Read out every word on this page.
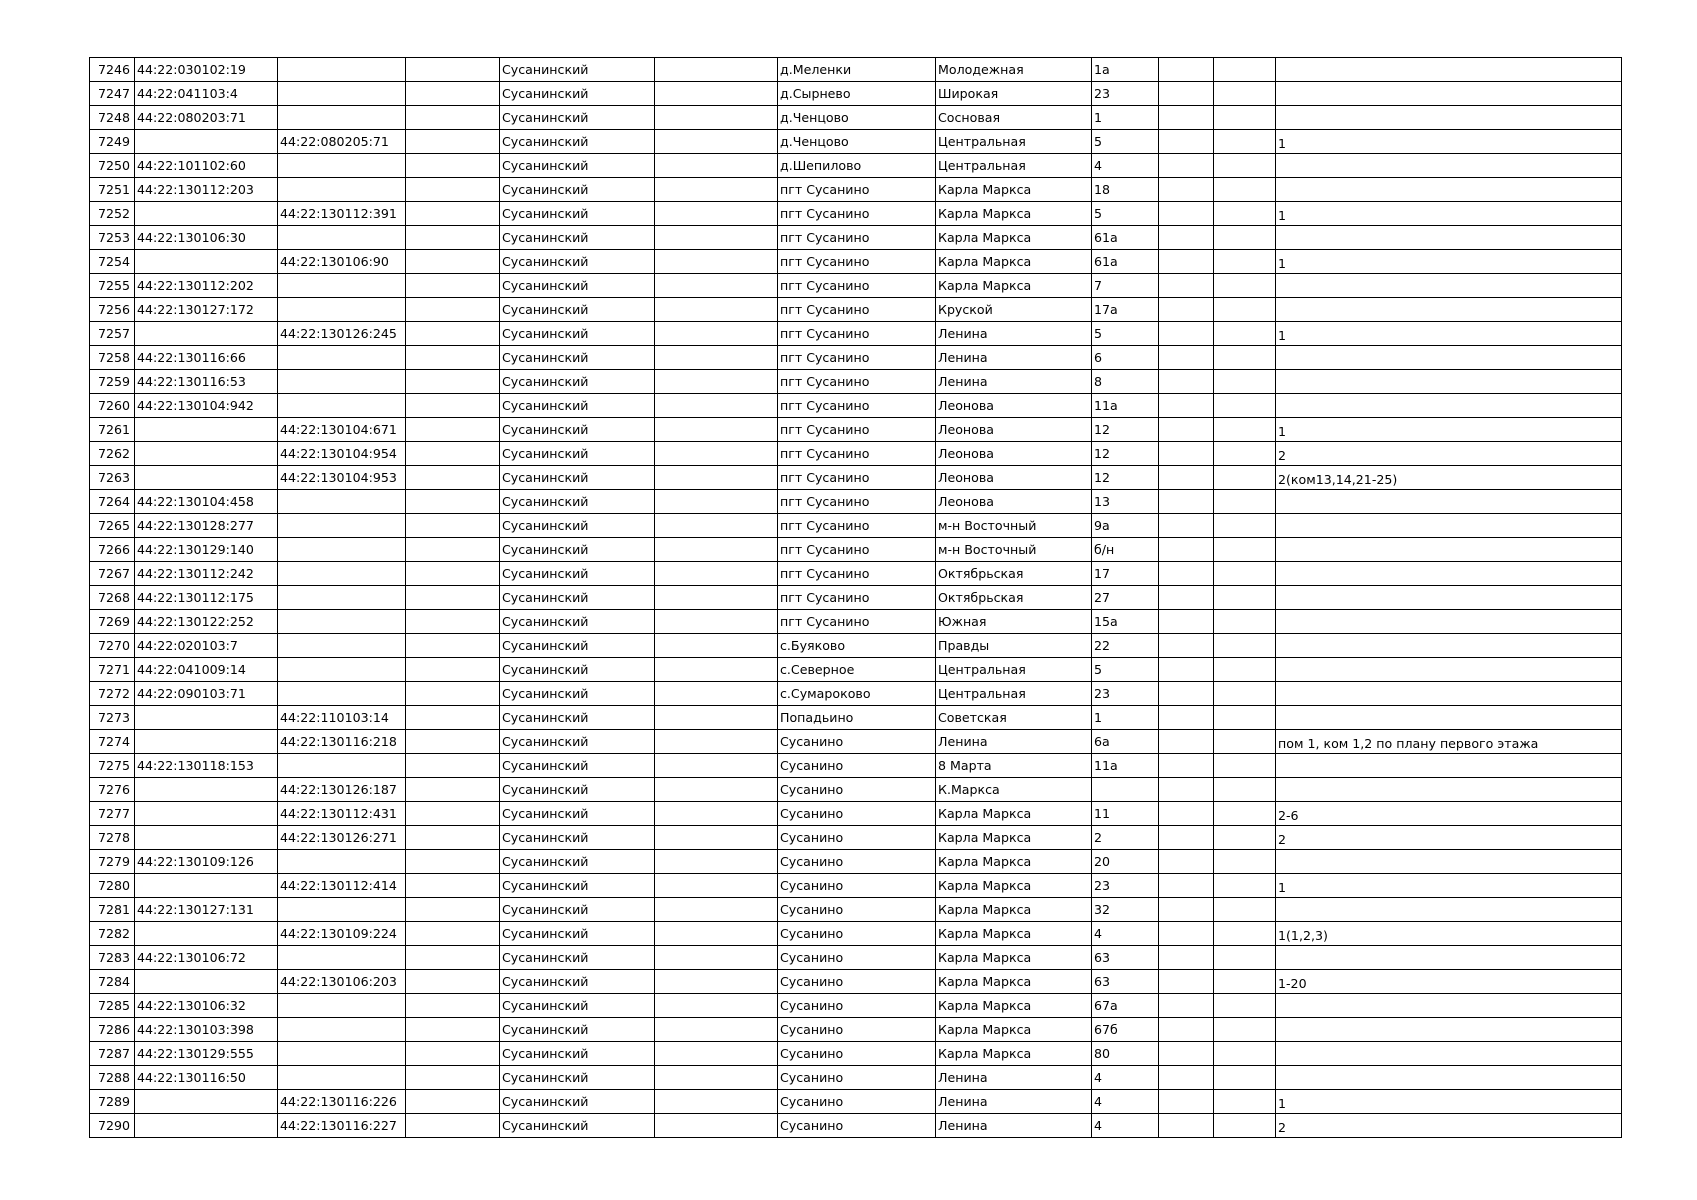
7246	44:22:030102:19			Сусанинский		д.Меленки	Молодежная	1а			
7247	44:22:041103:4			Сусанинский		д.Сырнево	Широкая	23			
7248	44:22:080203:71			Сусанинский		д.Ченцово	Сосновая	1			
7249		44:22:080205:71		Сусанинский		д.Ченцово	Центральная	5			1
7250	44:22:101102:60			Сусанинский		д.Шепилово	Центральная	4			
7251	44:22:130112:203			Сусанинский		пгт Сусанино	Карла Маркса	18			
7252		44:22:130112:391		Сусанинский		пгт Сусанино	Карла Маркса	5			1
7253	44:22:130106:30			Сусанинский		пгт Сусанино	Карла Маркса	61а			
7254		44:22:130106:90		Сусанинский		пгт Сусанино	Карла Маркса	61а			1
7255	44:22:130112:202			Сусанинский		пгт Сусанино	Карла Маркса	7			
7256	44:22:130127:172			Сусанинский		пгт Сусанино	Круской	17а			
7257		44:22:130126:245		Сусанинский		пгт Сусанино	Ленина	5			1
7258	44:22:130116:66			Сусанинский		пгт Сусанино	Ленина	6			
7259	44:22:130116:53			Сусанинский		пгт Сусанино	Ленина	8			
7260	44:22:130104:942			Сусанинский		пгт Сусанино	Леонова	11а			
7261		44:22:130104:671		Сусанинский		пгт Сусанино	Леонова	12			1
7262		44:22:130104:954		Сусанинский		пгт Сусанино	Леонова	12			2
7263		44:22:130104:953		Сусанинский		пгт Сусанино	Леонова	12			2(ком13,14,21-25)
7264	44:22:130104:458			Сусанинский		пгт Сусанино	Леонова	13			
7265	44:22:130128:277			Сусанинский		пгт Сусанино	м-н Восточный	9а			
7266	44:22:130129:140			Сусанинский		пгт Сусанино	м-н Восточный	б/н			
7267	44:22:130112:242			Сусанинский		пгт Сусанино	Октябрьская	17			
7268	44:22:130112:175			Сусанинский		пгт Сусанино	Октябрьская	27			
7269	44:22:130122:252			Сусанинский		пгт Сусанино	Южная	15а			
7270	44:22:020103:7			Сусанинский		с.Буяково	Правды	22			
7271	44:22:041009:14			Сусанинский		с.Северное	Центральная	5			
7272	44:22:090103:71			Сусанинский		с.Сумароково	Центральная	23			
7273		44:22:110103:14		Сусанинский		Попадьино	Советская	1			
7274		44:22:130116:218		Сусанинский		Сусанино	Ленина	6а			пом 1, ком 1,2 по плану первого этажа
7275	44:22:130118:153			Сусанинский		Сусанино	8 Марта	11а			
7276		44:22:130126:187		Сусанинский		Сусанино	К.Маркса				
7277		44:22:130112:431		Сусанинский		Сусанино	Карла Маркса	11			2-6
7278		44:22:130126:271		Сусанинский		Сусанино	Карла Маркса	2			2
7279	44:22:130109:126			Сусанинский		Сусанино	Карла Маркса	20			
7280		44:22:130112:414		Сусанинский		Сусанино	Карла Маркса	23			1
7281	44:22:130127:131			Сусанинский		Сусанино	Карла Маркса	32			
7282		44:22:130109:224		Сусанинский		Сусанино	Карла Маркса	4			1(1,2,3)
7283	44:22:130106:72			Сусанинский		Сусанино	Карла Маркса	63			
7284		44:22:130106:203		Сусанинский		Сусанино	Карла Маркса	63			1-20
7285	44:22:130106:32			Сусанинский		Сусанино	Карла Маркса	67а			
7286	44:22:130103:398			Сусанинский		Сусанино	Карла Маркса	67б			
7287	44:22:130129:555			Сусанинский		Сусанино	Карла Маркса	80			
7288	44:22:130116:50			Сусанинский		Сусанино	Ленина	4			
7289		44:22:130116:226		Сусанинский		Сусанино	Ленина	4			1
7290		44:22:130116:227		Сусанинский		Сусанино	Ленина	4			2
